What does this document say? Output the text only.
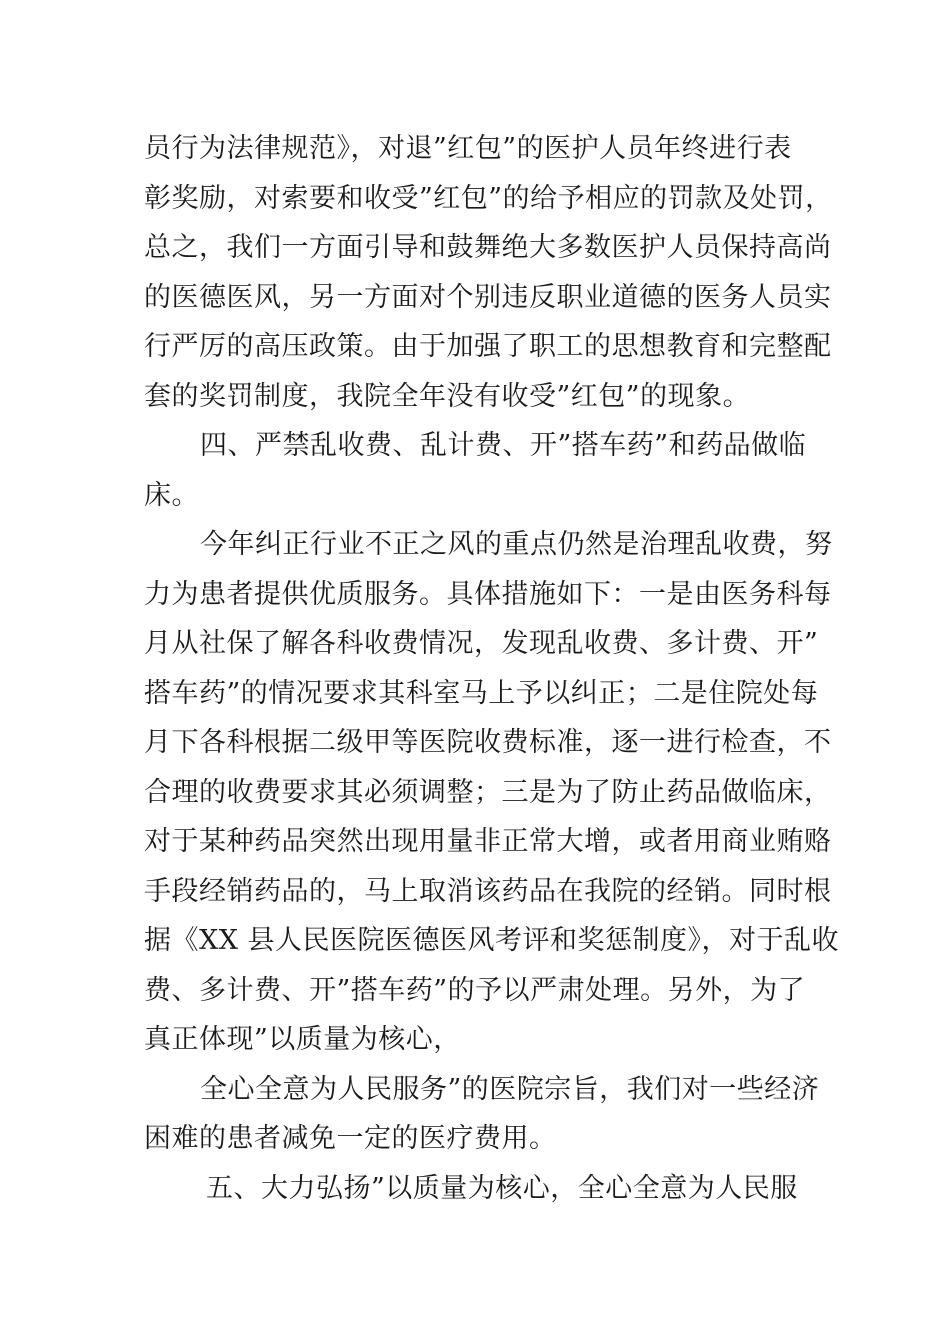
员行为法律规范》，对退”红包”的医护人员年终进行表
彰奖励，对索要和收受”红包”的给予相应的罚款及处罚，
总之，我们一方面引导和鼓舞绝大多数医护人员保持高尚
的医德医风，另一方面对个别违反职业道德的医务人员实
行严厉的高压政策。由于加强了职工的思想教育和完整配
套的奖罚制度，我院全年没有收受”红包”的现象。
四、严禁乱收费、乱计费、开”搭车药”和药品做临
床。
今年纠正行业不正之风的重点仍然是治理乱收费，努
力为患者提供优质服务。具体措施如下：一是由医务科每
月从社保了解各科收费情况，发现乱收费、多计费、开”
搭车药”的情况要求其科室马上予以纠正；二是住院处每
月下各科根据二级甲等医院收费标准，逐一进行检查，不
合理的收费要求其必须调整；三是为了防止药品做临床，
对于某种药品突然出现用量非正常大增，或者用商业贿赂
手段经销药品的，马上取消该药品在我院的经销。同时根
据《XX 县人民医院医德医风考评和奖惩制度》，对于乱收
费、多计费、开”搭车药”的予以严肃处理。另外，为了
真正体现”以质量为核心，
全心全意为人民服务”的医院宗旨，我们对一些经济
困难的患者减免一定的医疗费用。
五、大力弘扬”以质量为核心，全心全意为人民服
